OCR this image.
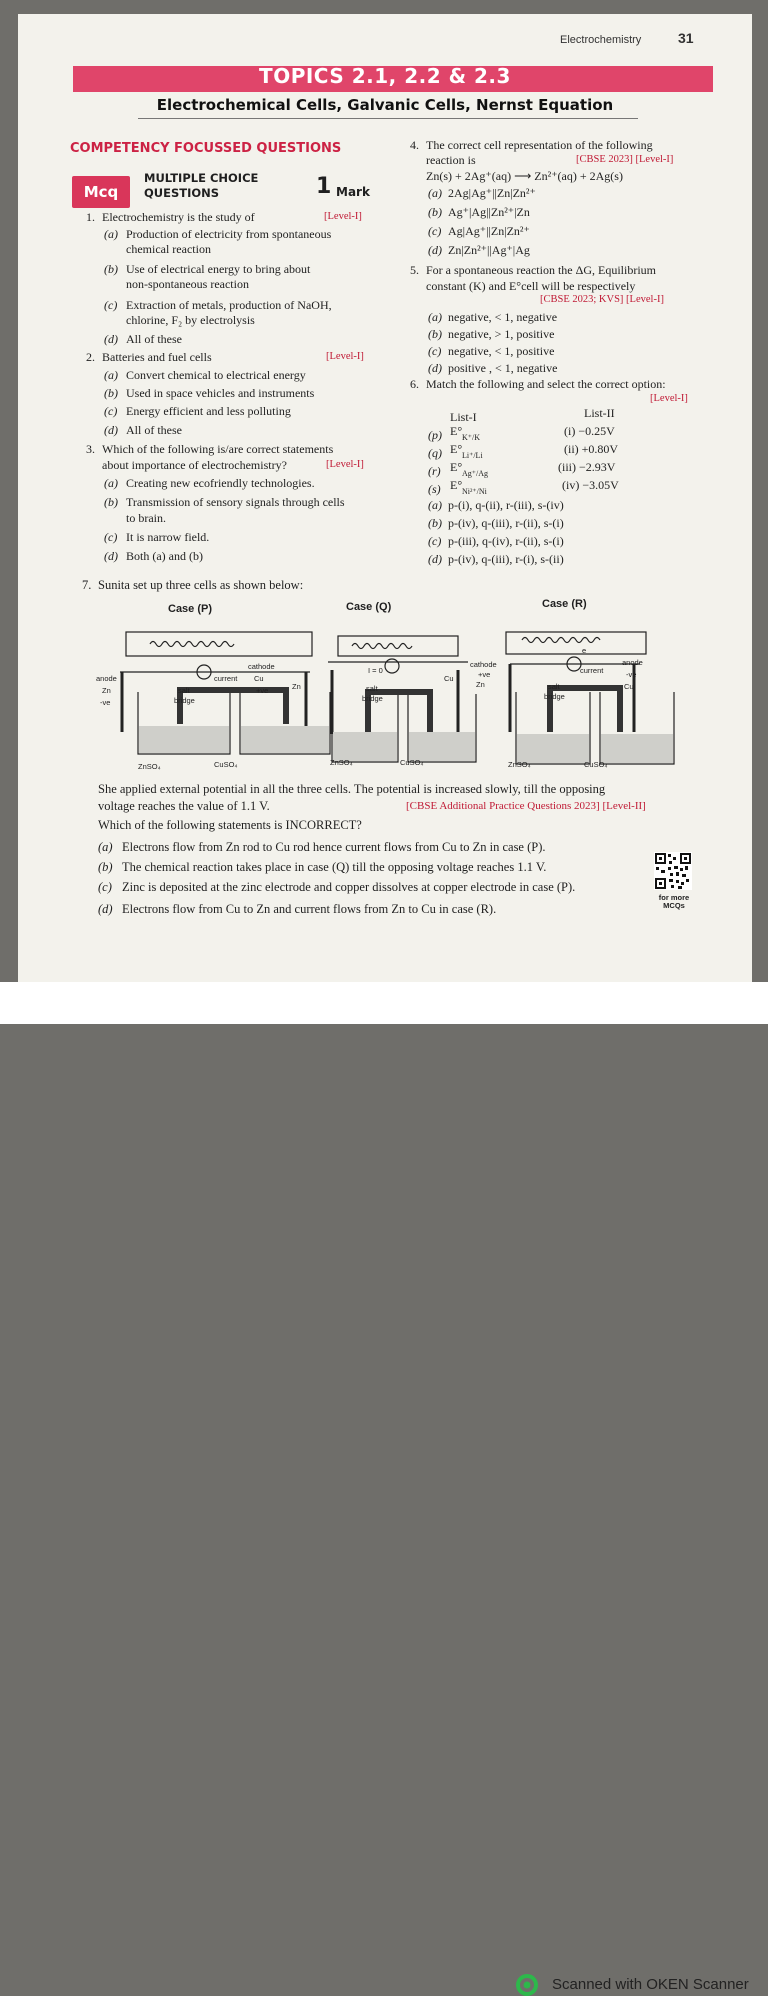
Electrochemistry	31
TOPICS 2.1, 2.2 & 2.3
Electrochemical Cells, Galvanic Cells, Nernst Equation
COMPETENCY FOCUSSED QUESTIONS
Mcq
MULTIPLE CHOICE
QUESTIONS	1 Mark
1. Electrochemistry is the study of	[Level-I]
(a) Production of electricity from spontaneous
chemical reaction
(b) Use of electrical energy to bring about
non-spontaneous reaction
(c) Extraction of metals, production of NaOH,
chlorine, F₂ by electrolysis
(d) All of these
2. Batteries and fuel cells	[Level-I]
(a) Convert chemical to electrical energy
(b) Used in space vehicles and instruments
(c) Energy efficient and less polluting
(d) All of these
3. Which of the following is/are correct statements
about importance of electrochemistry?	[Level-I]
(a) Creating new ecofriendly technologies.
(b) Transmission of sensory signals through cells
to brain.
(c) It is narrow field.
(d) Both (a) and (b)
4. The correct cell representation of the following
reaction is	[CBSE 2023] [Level-I]
Zn(s) + 2Ag⁺(aq) ⟶ Zn²⁺(aq) + 2Ag(s)
(a) 2Ag|Ag⁺||Zn|Zn²⁺
(b) Ag⁺|Ag||Zn²⁺|Zn
(c) Ag|Ag⁺||Zn|Zn²⁺
(d) Zn|Zn²⁺||Ag⁺|Ag
5. For a spontaneous reaction the ΔG, Equilibrium
constant (K) and E°cell will be respectively
[CBSE 2023; KVS] [Level-I]
(a) negative, < 1, negative
(b) negative, > 1, positive
(c) negative, < 1, positive
(d) positive , < 1, negative
6. Match the following and select the correct option:
[Level-I]
List-I	List-II
(p) E° K⁺/K	(i) −0.25V
(q) E° Li⁺/Li	(ii) +0.80V
(r) E° Ag⁺/Ag	(iii) −2.93V
(s) E° Ni²⁺/Ni	(iv) −3.05V
(a) p-(i), q-(ii), r-(iii), s-(iv)
(b) p-(iv), q-(iii), r-(ii), s-(i)
(c) p-(iii), q-(iv), r-(ii), s-(i)
(d) p-(iv), q-(iii), r-(i), s-(ii)
7. Sunita set up three cells as shown below:
Case (P)	Case (Q)	Case (R)
anode
Zn
-ve
cathode
current Cu
+ve
salt
bridge
ZnSO₄	CuSO₄
Zn
Cu
I = 0
salt
bridge
ZnSO₄	CuSO₄
cathode
+ve
Zn
e
current
anode
-ve
Cu
salt
bridge
ZnSO₄	CuSO₄
She applied external potential in all the three cells. The potential is increased slowly, till the opposing
voltage reaches the value of 1.1 V.	[CBSE Additional Practice Questions 2023] [Level-II]
Which of the following statements is INCORRECT?
(a) Electrons flow from Zn rod to Cu rod hence current flows from Cu to Zn in case (P).
(b) The chemical reaction takes place in case (Q) till the opposing voltage reaches 1.1 V.
(c) Zinc is deposited at the zinc electrode and copper dissolves at copper electrode in case (P).
(d) Electrons flow from Cu to Zn and current flows from Zn to Cu in case (R).
for more
MCQs
Scanned with OKEN Scanner
